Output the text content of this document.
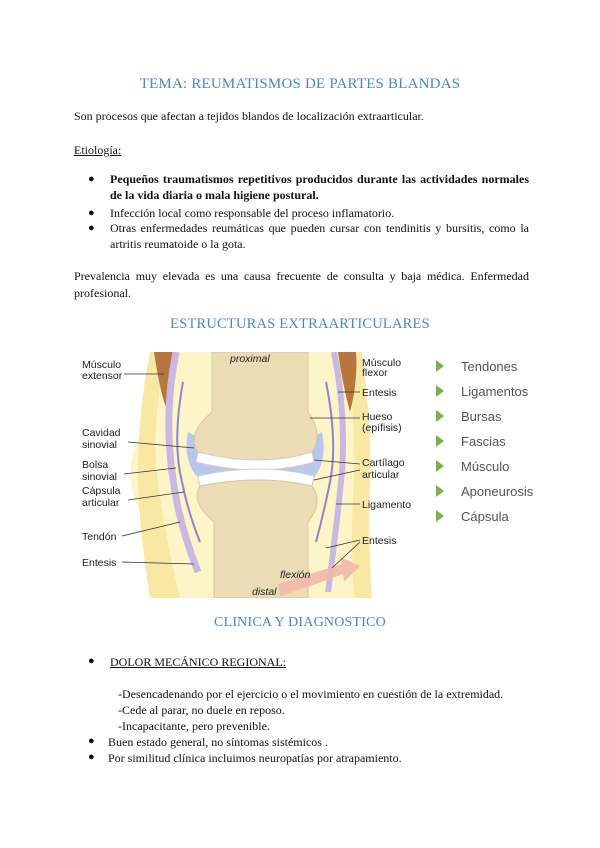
TEMA: REUMATISMOS DE PARTES BLANDAS
Son procesos que afectan a tejidos blandos de localización extraarticular.
Etiología:
● Pequeños traumatismos repetitivos producidos durante las actividades normales de la vida diaria o mala higiene postural.
● Infección local como responsable del proceso inflamatorio.
● Otras enfermedades reumáticas que pueden cursar con tendinitis y bursitis, como la artritis reumatoide o la gota.
Prevalencia muy elevada es una causa frecuente de consulta y baja médica. Enfermedad profesional.
ESTRUCTURAS EXTRAARTICULARES
proximal
distal
flexión
Músculo
extensor
Cavidad
sinovial
Bolsa
sinovial
Cápsula
articular
Tendón
Entesis
Músculo
flexor
Entesis
Hueso
(epífisis)
Cartílago
articular
Ligamento
Entesis
Tendones
Ligamentos
Bursas
Fascias
Músculo
Aponeurosis
Cápsula
CLINICA Y DIAGNOSTICO
● DOLOR MECÁNICO REGIONAL:
-Desencadenando por el ejercicio o el movimiento en cuestión de la extremidad.
-Cede al parar, no duele en reposo.
-Incapacitante, pero prevenible.
● Buen estado general, no síntomas sistémicos .
● Por similitud clínica incluimos neuropatías por atrapamiento.
